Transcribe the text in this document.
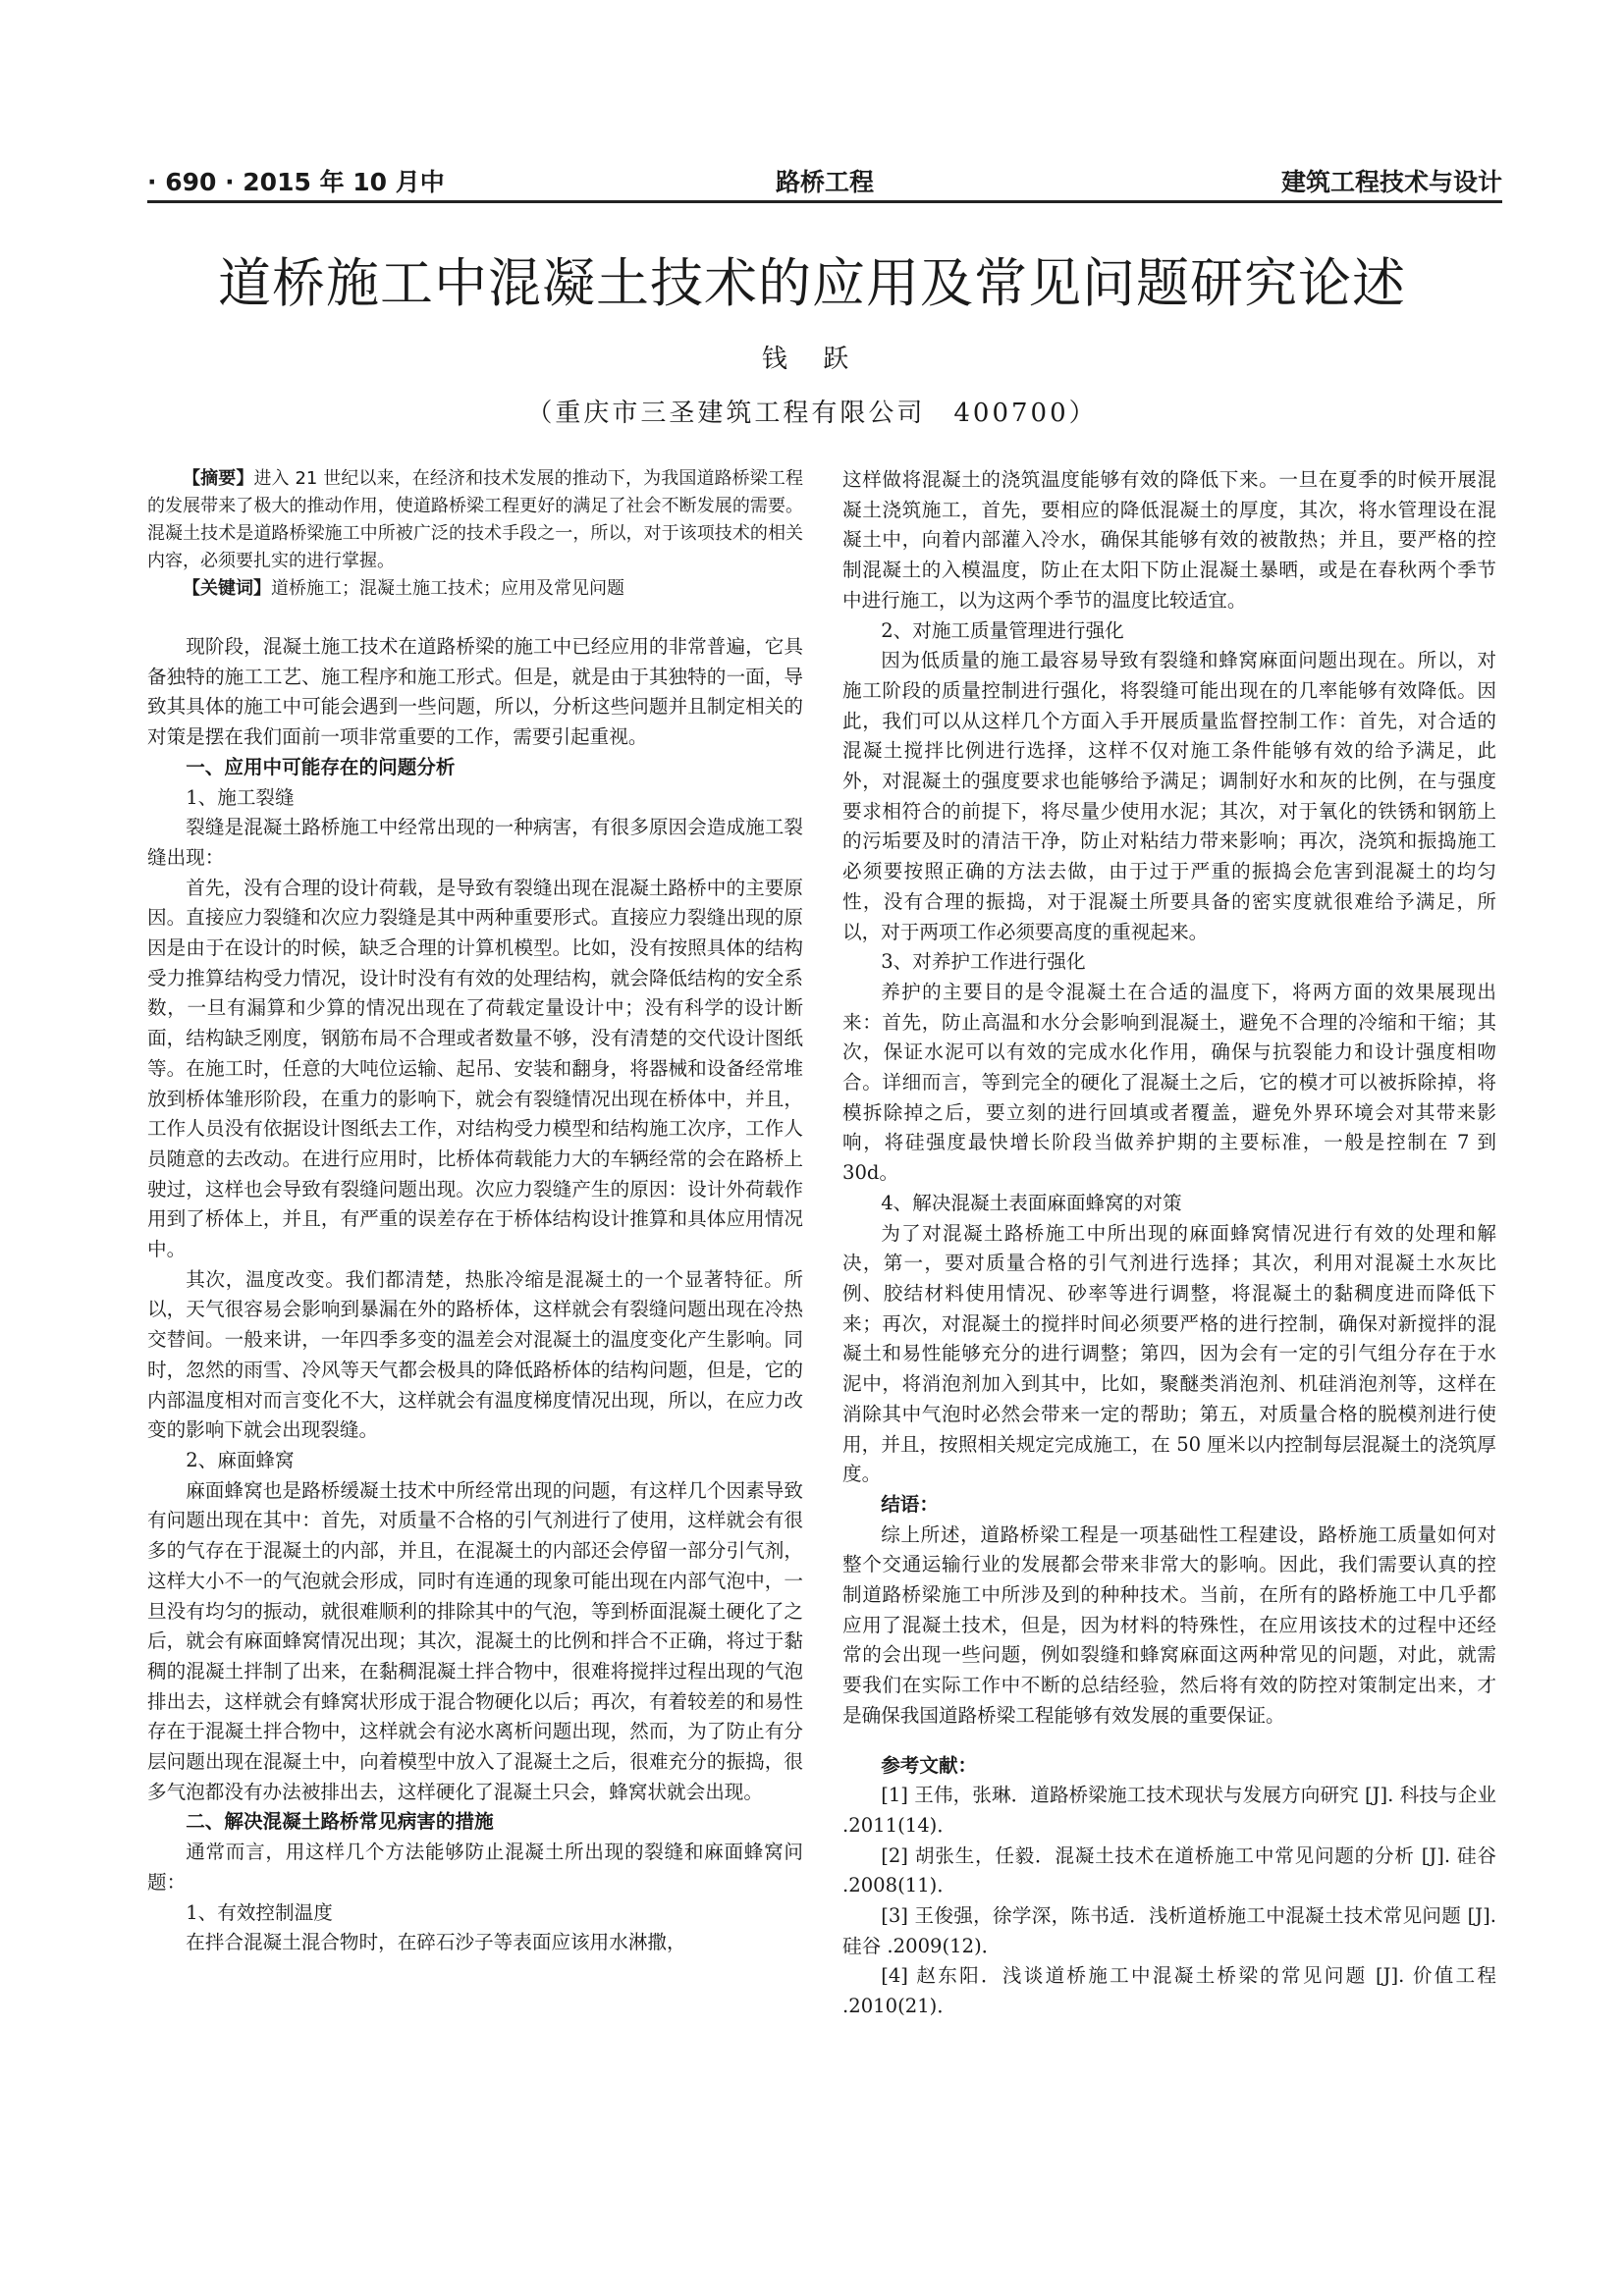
· 690 · 2015 年 10 月中	路桥工程	建筑工程技术与设计
道桥施工中混凝土技术的应用及常见问题研究论述
钱 跃
（重庆市三圣建筑工程有限公司　400700）

【摘要】进入 21 世纪以来，在经济和技术发展的推动下，为我国道路桥梁工程的发展带来了极大的推动作用，使道路桥梁工程更好的满足了社会不断发展的需要。混凝土技术是道路桥梁施工中所被广泛的技术手段之一，所以，对于该项技术的相关内容，必须要扎实的进行掌握。

【关键词】道桥施工；混凝土施工技术；应用及常见问题

现阶段，混凝土施工技术在道路桥梁的施工中已经应用的非常普遍，它具备独特的施工工艺、施工程序和施工形式。但是，就是由于其独特的一面，导致其具体的施工中可能会遇到一些问题，所以，分析这些问题并且制定相关的对策是摆在我们面前一项非常重要的工作，需要引起重视。

一、应用中可能存在的问题分析

1、施工裂缝

裂缝是混凝土路桥施工中经常出现的一种病害，有很多原因会造成施工裂缝出现：

首先，没有合理的设计荷载，是导致有裂缝出现在混凝土路桥中的主要原因。直接应力裂缝和次应力裂缝是其中两种重要形式。直接应力裂缝出现的原因是由于在设计的时候，缺乏合理的计算机模型。比如，没有按照具体的结构受力推算结构受力情况，设计时没有有效的处理结构，就会降低结构的安全系数，一旦有漏算和少算的情况出现在了荷载定量设计中；没有科学的设计断面，结构缺乏刚度，钢筋布局不合理或者数量不够，没有清楚的交代设计图纸等。在施工时，任意的大吨位运输、起吊、安装和翻身，将器械和设备经常堆放到桥体雏形阶段，在重力的影响下，就会有裂缝情况出现在桥体中，并且，工作人员没有依据设计图纸去工作，对结构受力模型和结构施工次序，工作人员随意的去改动。在进行应用时，比桥体荷载能力大的车辆经常的会在路桥上驶过，这样也会导致有裂缝问题出现。次应力裂缝产生的原因：设计外荷载作用到了桥体上，并且，有严重的误差存在于桥体结构设计推算和具体应用情况中。

其次，温度改变。我们都清楚，热胀冷缩是混凝土的一个显著特征。所以，天气很容易会影响到暴漏在外的路桥体，这样就会有裂缝问题出现在冷热交替间。一般来讲，一年四季多变的温差会对混凝土的温度变化产生影响。同时，忽然的雨雪、冷风等天气都会极具的降低路桥体的结构问题，但是，它的内部温度相对而言变化不大，这样就会有温度梯度情况出现，所以，在应力改变的影响下就会出现裂缝。

2、麻面蜂窝

麻面蜂窝也是路桥缓凝土技术中所经常出现的问题，有这样几个因素导致有问题出现在其中：首先，对质量不合格的引气剂进行了使用，这样就会有很多的气存在于混凝土的内部，并且，在混凝土的内部还会停留一部分引气剂，这样大小不一的气泡就会形成，同时有连通的现象可能出现在内部气泡中，一旦没有均匀的振动，就很难顺利的排除其中的气泡，等到桥面混凝土硬化了之后，就会有麻面蜂窝情况出现；其次，混凝土的比例和拌合不正确，将过于黏稠的混凝土拌制了出来，在黏稠混凝土拌合物中，很难将搅拌过程出现的气泡排出去，这样就会有蜂窝状形成于混合物硬化以后；再次，有着较差的和易性存在于混凝土拌合物中，这样就会有泌水离析问题出现，然而，为了防止有分层问题出现在混凝土中，向着模型中放入了混凝土之后，很难充分的振捣，很多气泡都没有办法被排出去，这样硬化了混凝土只会，蜂窝状就会出现。

二、解决混凝土路桥常见病害的措施

通常而言，用这样几个方法能够防止混凝土所出现的裂缝和麻面蜂窝问题：

1、有效控制温度

在拌合混凝土混合物时，在碎石沙子等表面应该用水淋撒，

这样做将混凝土的浇筑温度能够有效的降低下来。一旦在夏季的时候开展混凝土浇筑施工，首先，要相应的降低混凝土的厚度，其次，将水管理设在混凝土中，向着内部灌入冷水，确保其能够有效的被散热；并且，要严格的控制混凝土的入模温度，防止在太阳下防止混凝土暴晒，或是在春秋两个季节中进行施工，以为这两个季节的温度比较适宜。

2、对施工质量管理进行强化

因为低质量的施工最容易导致有裂缝和蜂窝麻面问题出现在。所以，对施工阶段的质量控制进行强化，将裂缝可能出现在的几率能够有效降低。因此，我们可以从这样几个方面入手开展质量监督控制工作：首先，对合适的混凝土搅拌比例进行选择，这样不仅对施工条件能够有效的给予满足，此外，对混凝土的强度要求也能够给予满足；调制好水和灰的比例，在与强度要求相符合的前提下，将尽量少使用水泥；其次，对于氧化的铁锈和钢筋上的污垢要及时的清洁干净，防止对粘结力带来影响；再次，浇筑和振捣施工必须要按照正确的方法去做，由于过于严重的振捣会危害到混凝土的均匀性，没有合理的振捣，对于混凝土所要具备的密实度就很难给予满足，所以，对于两项工作必须要高度的重视起来。

3、对养护工作进行强化

养护的主要目的是令混凝土在合适的温度下，将两方面的效果展现出来：首先，防止高温和水分会影响到混凝土，避免不合理的冷缩和干缩；其次，保证水泥可以有效的完成水化作用，确保与抗裂能力和设计强度相吻合。详细而言，等到完全的硬化了混凝土之后，它的模才可以被拆除掉，将模拆除掉之后，要立刻的进行回填或者覆盖，避免外界环境会对其带来影响，将硅强度最快增长阶段当做养护期的主要标准，一般是控制在 7 到 30d。

4、解决混凝土表面麻面蜂窝的对策

为了对混凝土路桥施工中所出现的麻面蜂窝情况进行有效的处理和解决，第一，要对质量合格的引气剂进行选择；其次，利用对混凝土水灰比例、胶结材料使用情况、砂率等进行调整，将混凝土的黏稠度进而降低下来；再次，对混凝土的搅拌时间必须要严格的进行控制，确保对新搅拌的混凝土和易性能够充分的进行调整；第四，因为会有一定的引气组分存在于水泥中，将消泡剂加入到其中，比如，聚醚类消泡剂、机硅消泡剂等，这样在消除其中气泡时必然会带来一定的帮助；第五，对质量合格的脱模剂进行使用，并且，按照相关规定完成施工，在 50 厘米以内控制每层混凝土的浇筑厚度。

结语：

综上所述，道路桥梁工程是一项基础性工程建设，路桥施工质量如何对整个交通运输行业的发展都会带来非常大的影响。因此，我们需要认真的控制道路桥梁施工中所涉及到的种种技术。当前，在所有的路桥施工中几乎都应用了混凝土技术，但是，因为材料的特殊性，在应用该技术的过程中还经常的会出现一些问题，例如裂缝和蜂窝麻面这两种常见的问题，对此，就需要我们在实际工作中不断的总结经验，然后将有效的防控对策制定出来，才是确保我国道路桥梁工程能够有效发展的重要保证。

参考文献：

[1] 王伟，张琳．道路桥梁施工技术现状与发展方向研究 [J]. 科技与企业 .2011(14)．

[2] 胡张生，任毅．混凝土技术在道桥施工中常见问题的分析 [J]. 硅谷 .2008(11)．

[3] 王俊强，徐学深，陈书适．浅析道桥施工中混凝土技术常见问题 [J]. 硅谷 .2009(12)．

[4] 赵东阳．浅谈道桥施工中混凝土桥梁的常见问题 [J]. 价值工程 .2010(21)．
